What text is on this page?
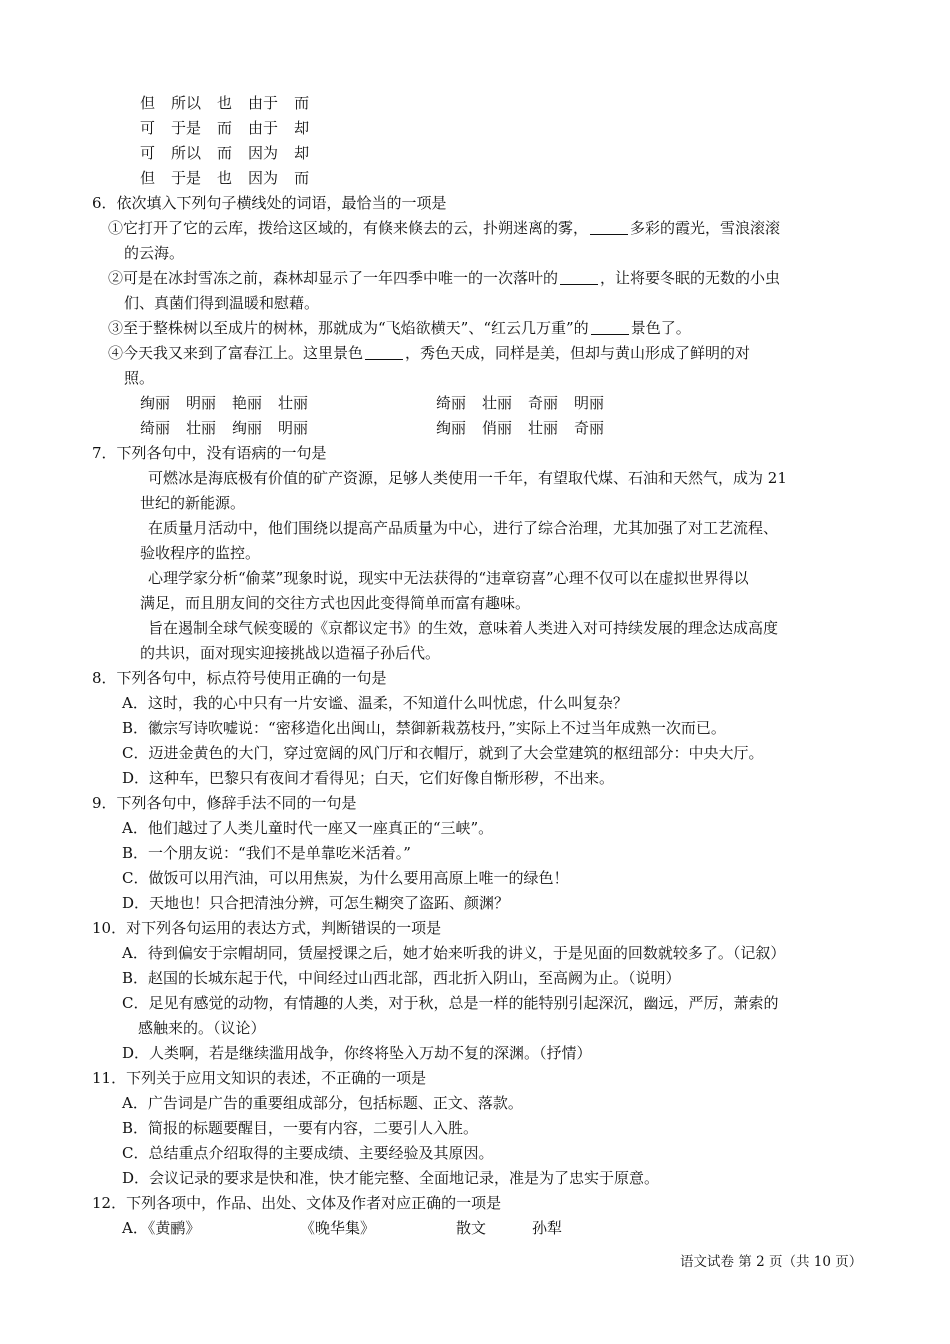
但 所以 也 由于 而
可 于是 而 由于 却
可 所以 而 因为 却
但 于是 也 因为 而
6．依次填入下列句子横线处的词语，最恰当的一项是
①它打开了它的云库，拨给这区域的，有倏来倏去的云，扑朔迷离的雾，	多彩的霞光，雪浪滚滚
的云海。
②可是在冰封雪冻之前，森林却显示了一年四季中唯一的一次落叶的	，让将要冬眠的无数的小虫
们、真菌们得到温暖和慰藉。
③至于整株树以至成片的树林，那就成为“飞焰欲横天”、“红云几万重”的	景色了。
④今天我又来到了富春江上。这里景色	，秀色天成，同样是美，但却与黄山形成了鲜明的对
照。
绚丽 明丽 艳丽 壮丽	绮丽 壮丽 奇丽 明丽
绮丽 壮丽 绚丽 明丽	绚丽 俏丽 壮丽 奇丽
7．下列各句中，没有语病的一句是
可燃冰是海底极有价值的矿产资源，足够人类使用一千年，有望取代煤、石油和天然气，成为 21
世纪的新能源。
在质量月活动中，他们围绕以提高产品质量为中心，进行了综合治理，尤其加强了对工艺流程、
验收程序的监控。
心理学家分析“偷菜”现象时说，现实中无法获得的“违章窃喜”心理不仅可以在虚拟世界得以
满足，而且朋友间的交往方式也因此变得简单而富有趣味。
旨在遏制全球气候变暖的《京都议定书》的生效，意味着人类进入对可持续发展的理念达成高度
的共识，面对现实迎接挑战以造福子孙后代。
8．下列各句中，标点符号使用正确的一句是
A．这时，我的心中只有一片安谧、温柔，不知道什么叫忧虑，什么叫复杂？
B．徽宗写诗吹嘘说：“密移造化出闽山，禁御新栽荔枝丹，”实际上不过当年成熟一次而已。
C．迈进金黄色的大门，穿过宽阔的风门厅和衣帽厅，就到了大会堂建筑的枢纽部分：中央大厅。
D．这种车，巴黎只有夜间才看得见；白天，它们好像自惭形秽，不出来。
9．下列各句中，修辞手法不同的一句是
A．他们越过了人类儿童时代一座又一座真正的“三峡”。
B．一个朋友说：“我们不是单靠吃米活着。”
C．做饭可以用汽油，可以用焦炭，为什么要用高原上唯一的绿色！
D．天地也！只合把清浊分辨，可怎生糊突了盗跖、颜渊？
10．对下列各句运用的表达方式，判断错误的一项是
A．待到偏安于宗帽胡同，赁屋授课之后，她才始来听我的讲义，于是见面的回数就较多了。（记叙）
B．赵国的长城东起于代，中间经过山西北部，西北折入阴山，至高阙为止。（说明）
C．足见有感觉的动物，有情趣的人类，对于秋，总是一样的能特别引起深沉，幽远，严厉，萧索的
感触来的。（议论）
D．人类啊，若是继续滥用战争，你终将坠入万劫不复的深渊。（抒情）
11．下列关于应用文知识的表述，不正确的一项是
A．广告词是广告的重要组成部分，包括标题、正文、落款。
B．简报的标题要醒目，一要有内容，二要引人入胜。
C．总结重点介绍取得的主要成绩、主要经验及其原因。
D．会议记录的要求是快和准，快才能完整、全面地记录，准是为了忠实于原意。
12．下列各项中，作品、出处、文体及作者对应正确的一项是
A．《黄鹂》	《晚华集》	散文	孙犁
语文试卷 第 2 页（共 10 页）
